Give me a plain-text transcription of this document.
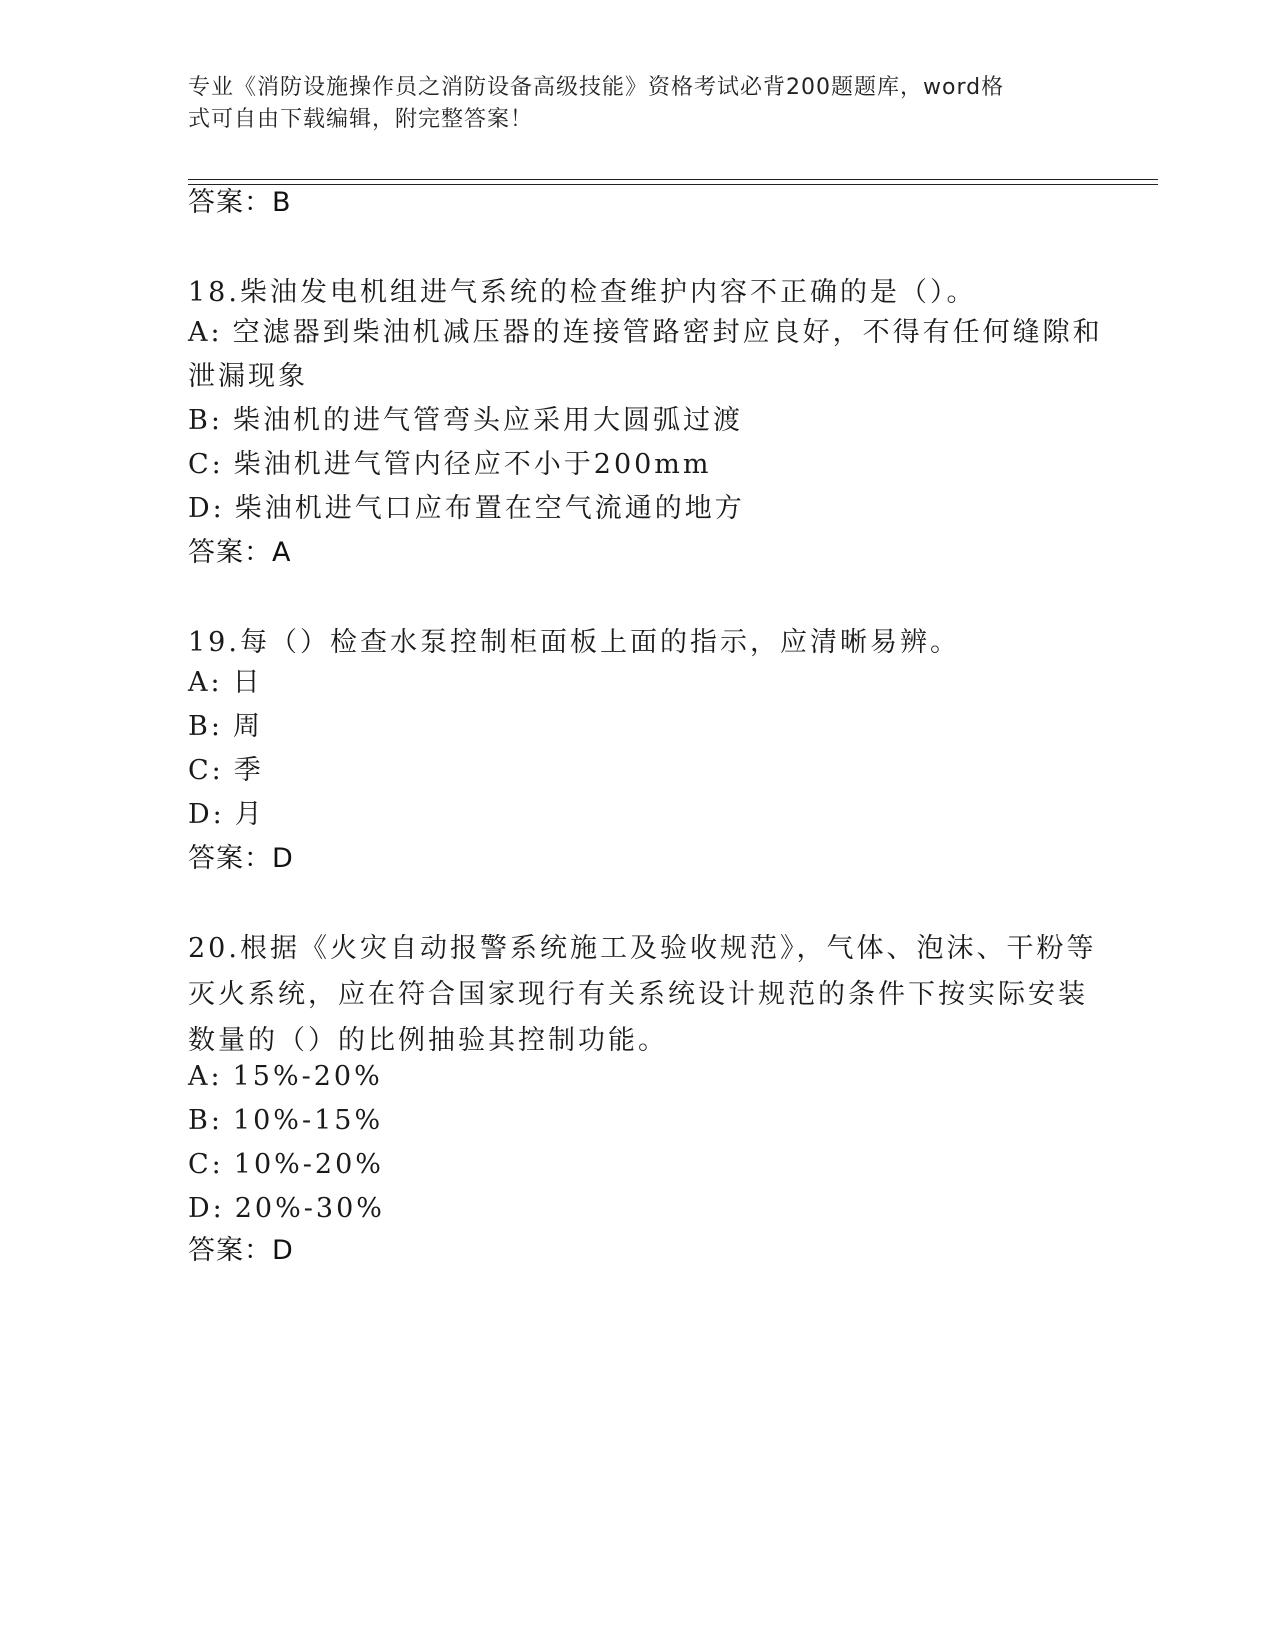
专业《消防设施操作员之消防设备高级技能》资格考试必背200题题库，word格
式可自由下载编辑，附完整答案！
答案：B
18.柴油发电机组进气系统的检查维护内容不正确的是（）。
A: 空滤器到柴油机减压器的连接管路密封应良好，不得有任何缝隙和
泄漏现象
B: 柴油机的进气管弯头应采用大圆弧过渡
C: 柴油机进气管内径应不小于200mm
D: 柴油机进气口应布置在空气流通的地方
答案：A
19.每（）检查水泵控制柜面板上面的指示，应清晰易辨。
A: 日
B: 周
C: 季
D: 月
答案：D
20.根据《火灾自动报警系统施工及验收规范》，气体、泡沫、干粉等
灭火系统，应在符合国家现行有关系统设计规范的条件下按实际安装
数量的（）的比例抽验其控制功能。
A: 15%-20%
B: 10%-15%
C: 10%-20%
D: 20%-30%
答案：D
